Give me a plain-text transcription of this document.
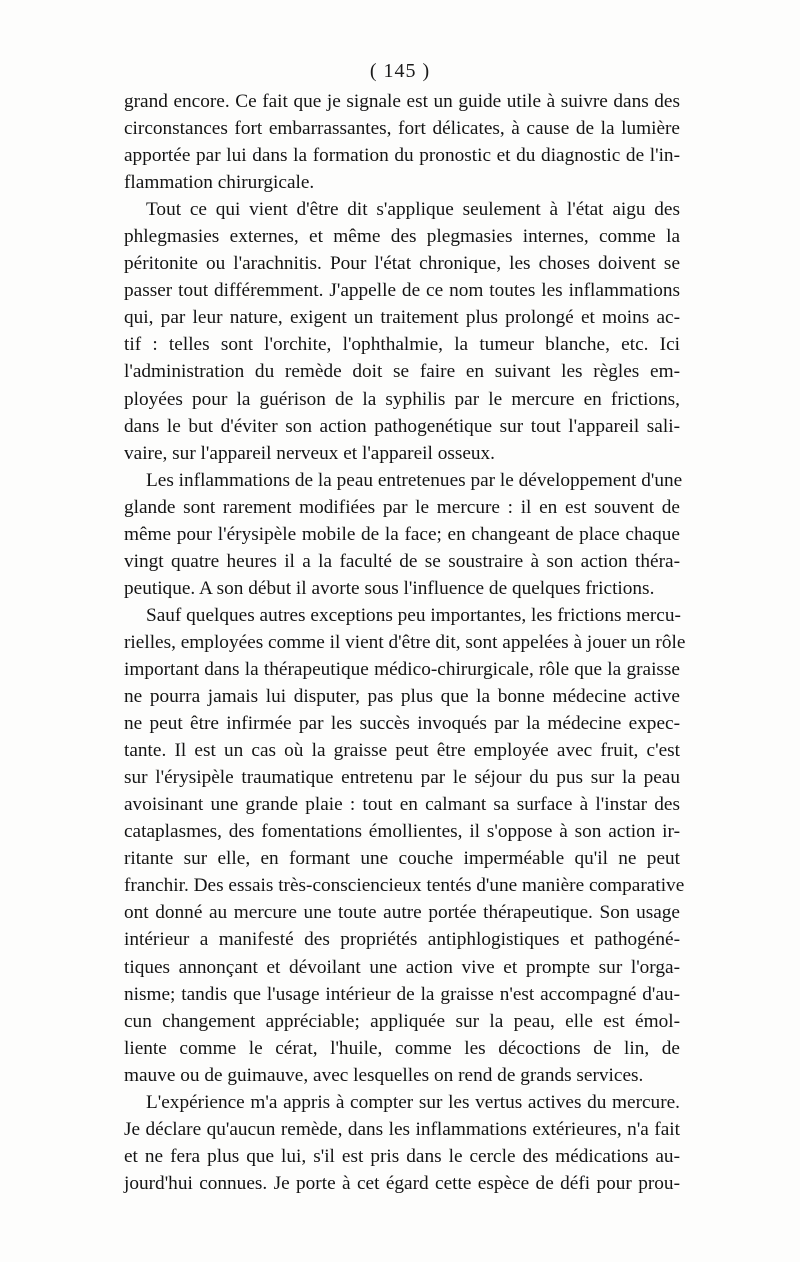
( 145 )
grand encore. Ce fait que je signale est un guide utile à suivre dans des
circonstances fort embarrassantes, fort délicates, à cause de la lumière
apportée par lui dans la formation du pronostic et du diagnostic de l'in-
flammation chirurgicale.
Tout ce qui vient d'être dit s'applique seulement à l'état aigu des
phlegmasies externes, et même des plegmasies internes, comme la
péritonite ou l'arachnitis. Pour l'état chronique, les choses doivent se
passer tout différemment. J'appelle de ce nom toutes les inflammations
qui, par leur nature, exigent un traitement plus prolongé et moins ac-
tif : telles sont l'orchite, l'ophthalmie, la tumeur blanche, etc. Ici
l'administration du remède doit se faire en suivant les règles em-
ployées pour la guérison de la syphilis par le mercure en frictions,
dans le but d'éviter son action pathogenétique sur tout l'appareil sali-
vaire, sur l'appareil nerveux et l'appareil osseux.
Les inflammations de la peau entretenues par le développement d'une
glande sont rarement modifiées par le mercure : il en est souvent de
même pour l'érysipèle mobile de la face; en changeant de place chaque
vingt quatre heures il a la faculté de se soustraire à son action théra-
peutique. A son début il avorte sous l'influence de quelques frictions.
Sauf quelques autres exceptions peu importantes, les frictions mercu-
rielles, employées comme il vient d'être dit, sont appelées à jouer un rôle
important dans la thérapeutique médico-chirurgicale, rôle que la graisse
ne pourra jamais lui disputer, pas plus que la bonne médecine active
ne peut être infirmée par les succès invoqués par la médecine expec-
tante. Il est un cas où la graisse peut être employée avec fruit, c'est
sur l'érysipèle traumatique entretenu par le séjour du pus sur la peau
avoisinant une grande plaie : tout en calmant sa surface à l'instar des
cataplasmes, des fomentations émollientes, il s'oppose à son action ir-
ritante sur elle, en formant une couche imperméable qu'il ne peut
franchir. Des essais très-consciencieux tentés d'une manière comparative
ont donné au mercure une toute autre portée thérapeutique. Son usage
intérieur a manifesté des propriétés antiphlogistiques et pathogéné-
tiques annonçant et dévoilant une action vive et prompte sur l'orga-
nisme; tandis que l'usage intérieur de la graisse n'est accompagné d'au-
cun changement appréciable; appliquée sur la peau, elle est émol-
liente comme le cérat, l'huile, comme les décoctions de lin, de
mauve ou de guimauve, avec lesquelles on rend de grands services.
L'expérience m'a appris à compter sur les vertus actives du mercure.
Je déclare qu'aucun remède, dans les inflammations extérieures, n'a fait
et ne fera plus que lui, s'il est pris dans le cercle des médications au-
jourd'hui connues. Je porte à cet égard cette espèce de défi pour prou-
